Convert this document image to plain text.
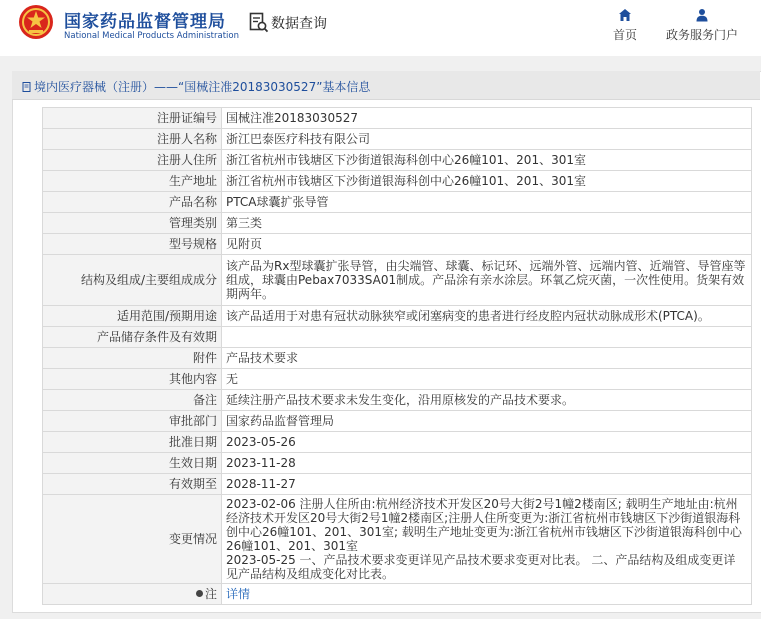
国家药品监督管理局
National Medical Products Administration
数据查询
首页	政务服务门户
境内医疗器械（注册）——“国械注准20183030527”基本信息
注册证编号	国械注准20183030527
注册人名称	浙江巴泰医疗科技有限公司
注册人住所	浙江省杭州市钱塘区下沙街道银海科创中心26幢101、201、301室
生产地址	浙江省杭州市钱塘区下沙街道银海科创中心26幢101、201、301室
产品名称	PTCA球囊扩张导管
管理类别	第三类
型号规格	见附页
结构及组成/主要组成成分	该产品为Rx型球囊扩张导管，由尖端管、球囊、标记环、远端外管、远端内管、近端管、导管座等组成，球囊由Pebax7033SA01制成。产品涂有亲水涂层。环氧乙烷灭菌，一次性使用。货架有效期两年。
适用范围/预期用途	该产品适用于对患有冠状动脉狭窄或闭塞病变的患者进行经皮腔内冠状动脉成形术(PTCA)。
产品储存条件及有效期	
附件	产品技术要求
其他内容	无
备注	延续注册产品技术要求未发生变化，沿用原核发的产品技术要求。
审批部门	国家药品监督管理局
批准日期	2023-05-26
生效日期	2023-11-28
有效期至	2028-11-27
变更情况	2023-02-06 注册人住所由:杭州经济技术开发区20号大街2号1幢2楼南区; 载明生产地址由:杭州经济技术开发区20号大街2号1幢2楼南区;注册人住所变更为:浙江省杭州市钱塘区下沙街道银海科创中心26幢101、201、301室; 载明生产地址变更为:浙江省杭州市钱塘区下沙街道银海科创中心26幢101、201、301室
2023-05-25 一、产品技术要求变更详见产品技术要求变更对比表。 二、产品结构及组成变更详见产品结构及组成变化对比表。

注	详情
